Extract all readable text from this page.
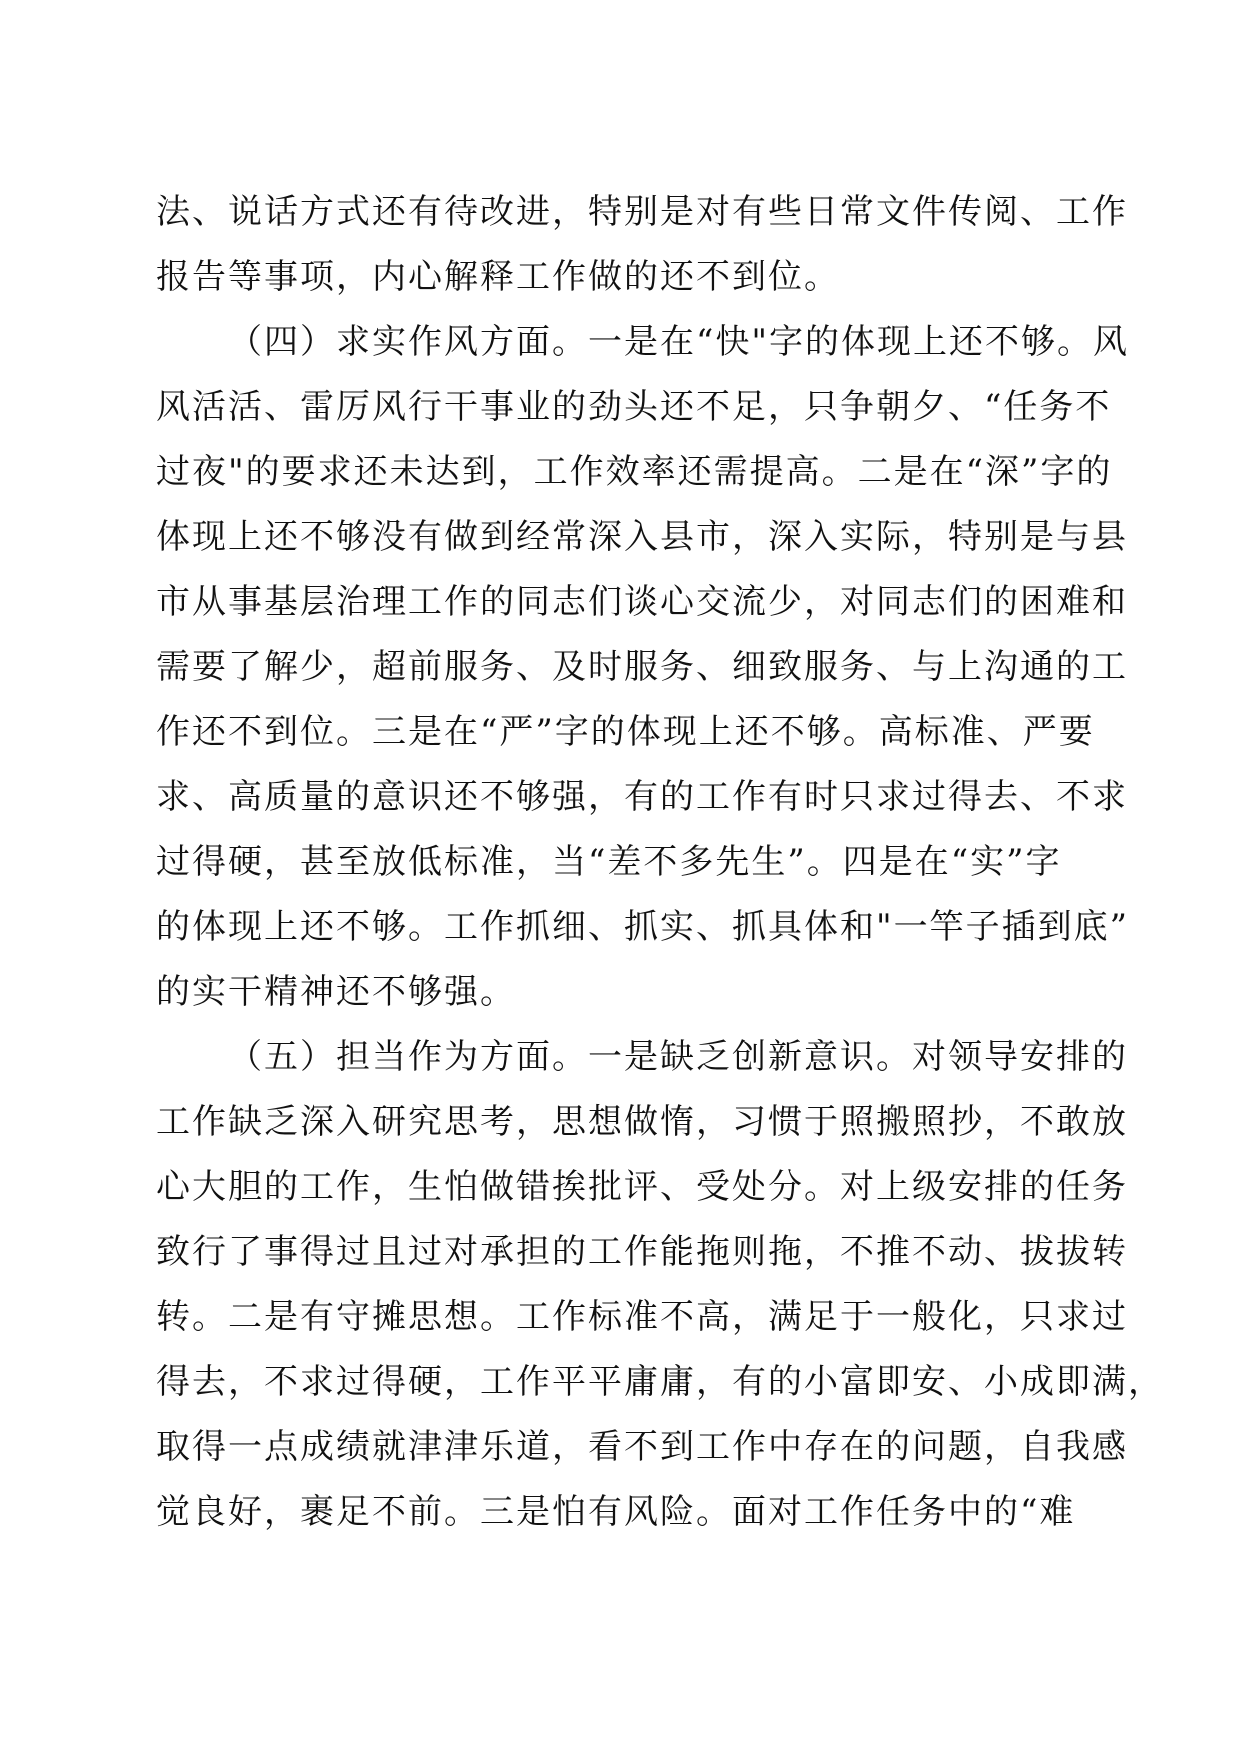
法、说话方式还有待改进，特别是对有些日常文件传阅、工作

报告等事项，内心解释工作做的还不到位。

（四）求实作风方面。一是在“快"字的体现上还不够。风

风活活、雷厉风行干事业的劲头还不足，只争朝夕、“任务不

过夜"的要求还未达到，工作效率还需提高。二是在“深”字的

体现上还不够没有做到经常深入县市，深入实际，特别是与县

市从事基层治理工作的同志们谈心交流少，对同志们的困难和

需要了解少，超前服务、及时服务、细致服务、与上沟通的工

作还不到位。三是在“严”字的体现上还不够。高标准、严要

求、高质量的意识还不够强，有的工作有时只求过得去、不求

过得硬，甚至放低标准，当“差不多先生”。四是在“实”字

的体现上还不够。工作抓细、抓实、抓具体和"一竿子插到底”

的实干精神还不够强。

（五）担当作为方面。一是缺乏创新意识。对领导安排的

工作缺乏深入研究思考，思想做惰，习惯于照搬照抄，不敢放

心大胆的工作，生怕做错挨批评、受处分。对上级安排的任务

致行了事得过且过对承担的工作能拖则拖，不推不动、拔拔转

转。二是有守摊思想。工作标准不高，满足于一般化，只求过

得去，不求过得硬，工作平平庸庸，有的小富即安、小成即满，

取得一点成绩就津津乐道，看不到工作中存在的问题，自我感

觉良好，裹足不前。三是怕有风险。面对工作任务中的“难
